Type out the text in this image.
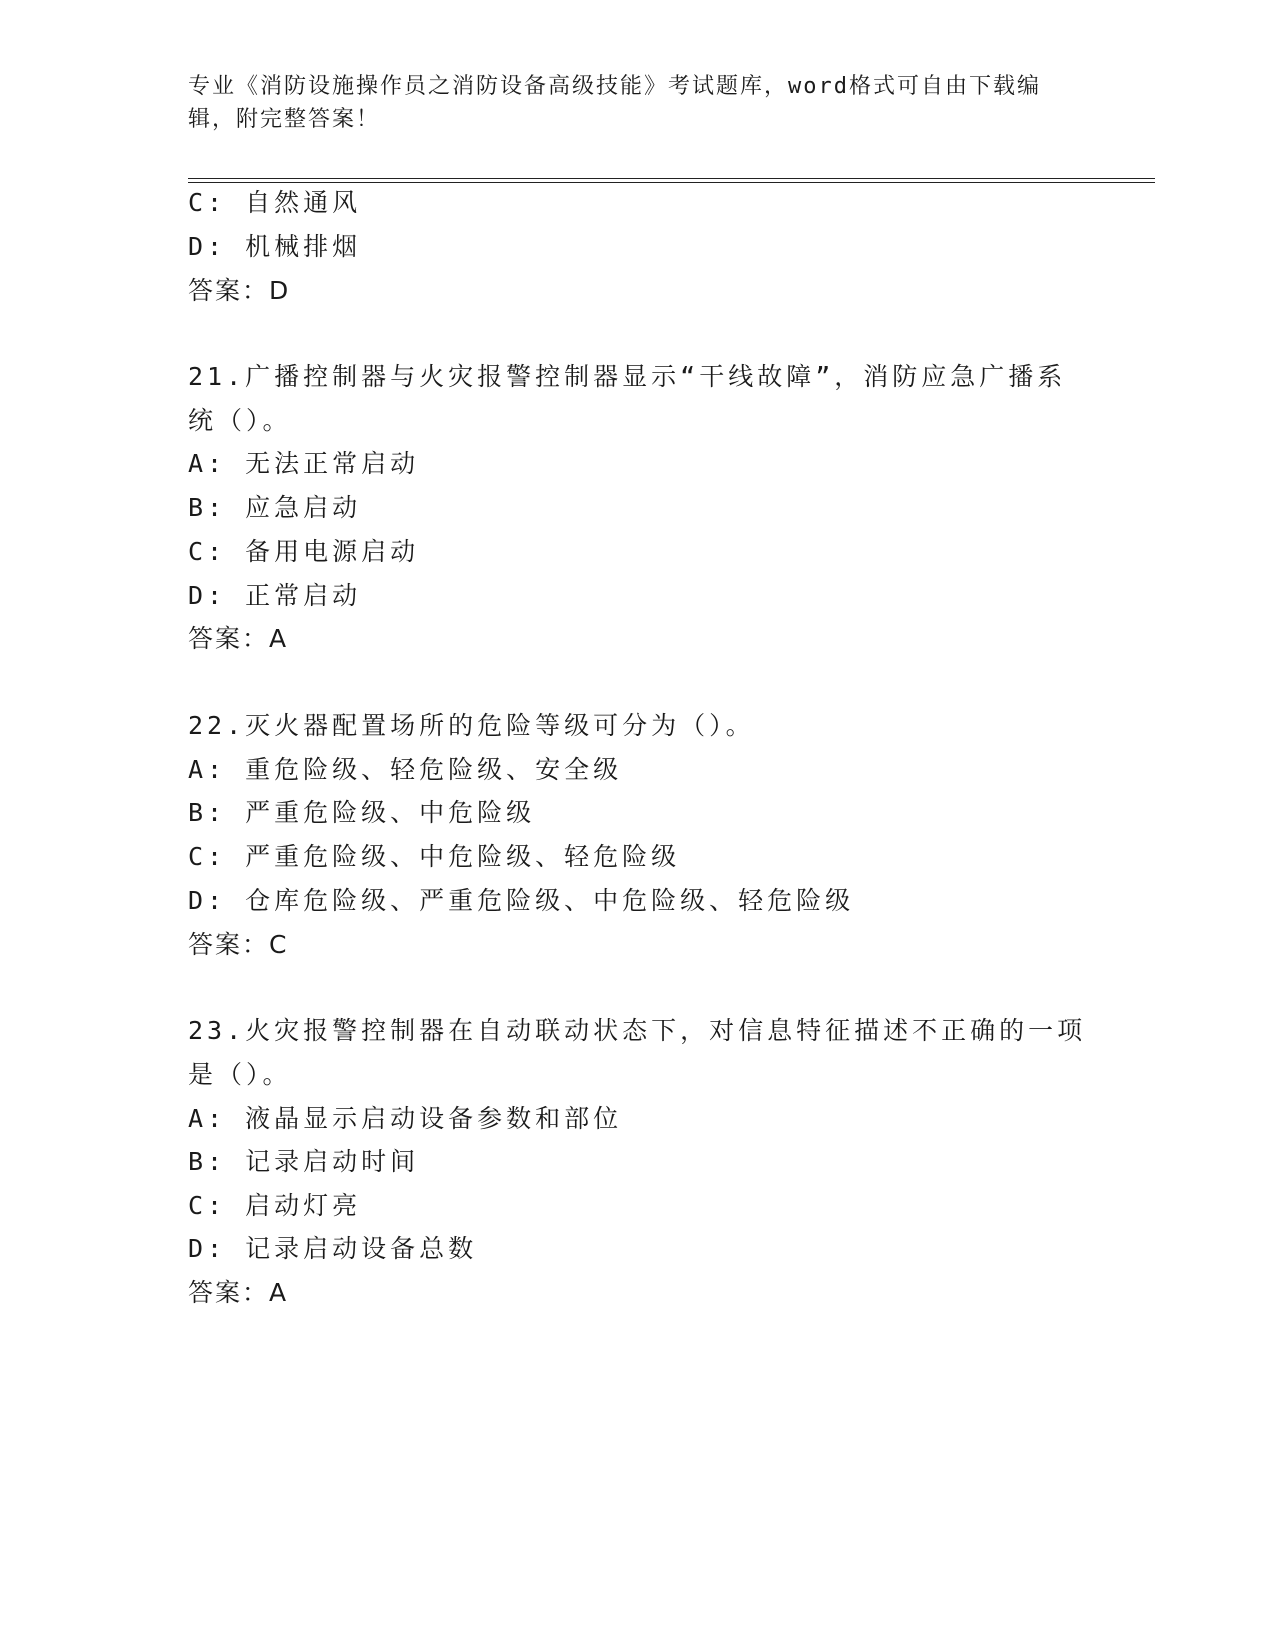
专业《消防设施操作员之消防设备高级技能》考试题库，word格式可自由下载编
辑，附完整答案！
C: 自然通风
D: 机械排烟
答案：D
21.广播控制器与火灾报警控制器显示“干线故障”，消防应急广播系
统（）。
A: 无法正常启动
B: 应急启动
C: 备用电源启动
D: 正常启动
答案：A
22.灭火器配置场所的危险等级可分为（）。
A: 重危险级、轻危险级、安全级
B: 严重危险级、中危险级
C: 严重危险级、中危险级、轻危险级
D: 仓库危险级、严重危险级、中危险级、轻危险级
答案：C
23.火灾报警控制器在自动联动状态下，对信息特征描述不正确的一项
是（）。
A: 液晶显示启动设备参数和部位
B: 记录启动时间
C: 启动灯亮
D: 记录启动设备总数
答案：A
